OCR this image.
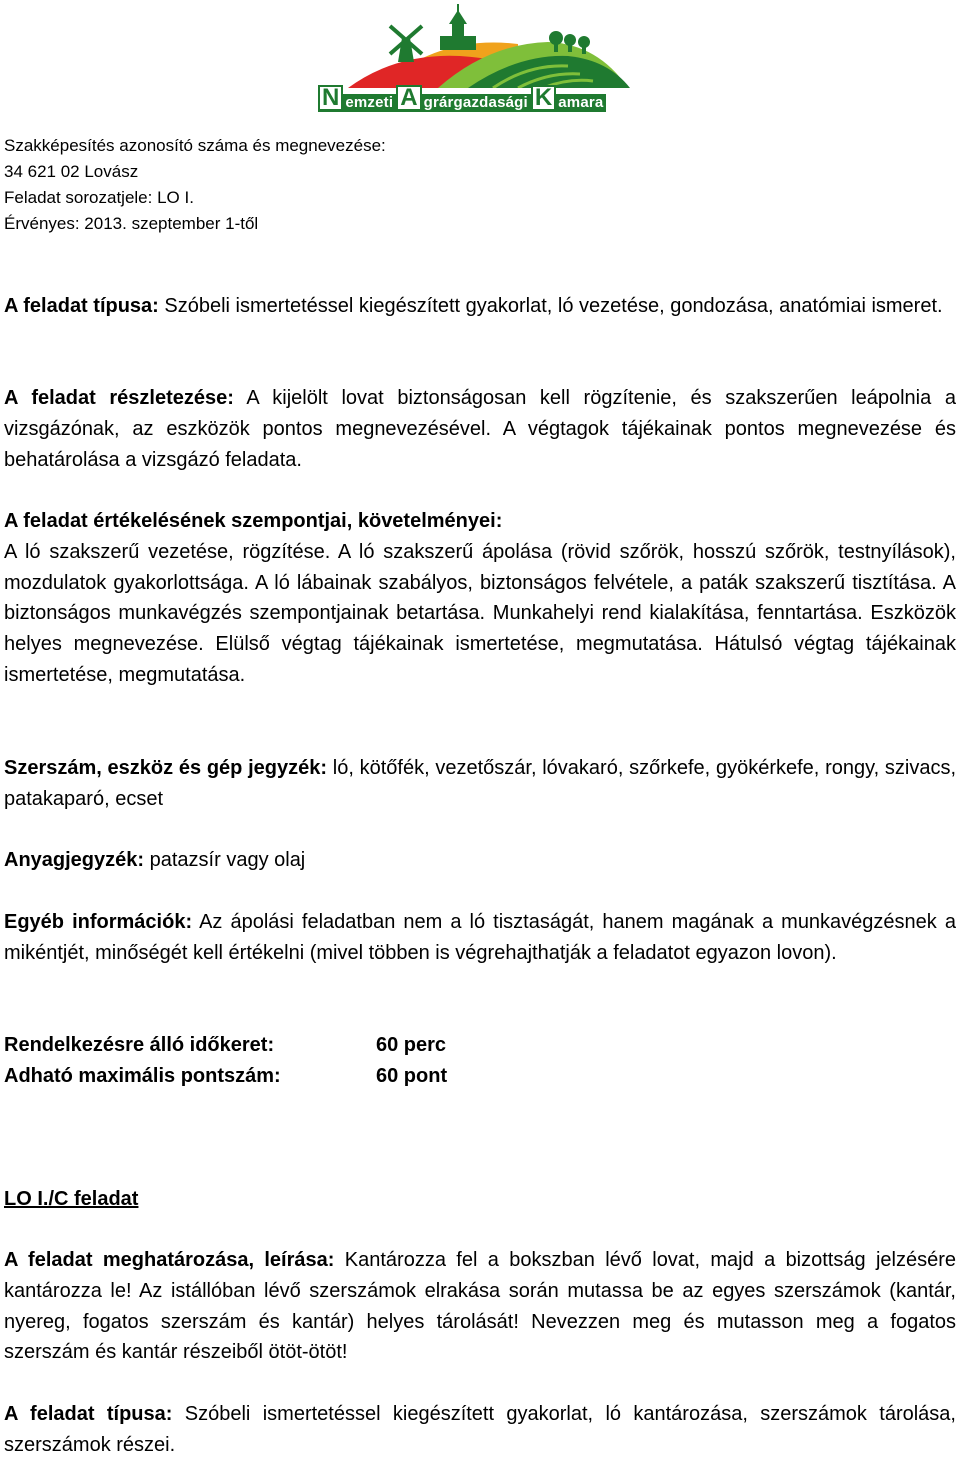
N emzeti A grárgazdasági K amara
Szakképesítés azonosító száma és megnevezése:
34 621 02 Lovász
Feladat sorozatjele: LO I.
Érvényes: 2013. szeptember 1-től
A feladat típusa: Szóbeli ismertetéssel kiegészített gyakorlat, ló vezetése, gondozása, anatómiai ismeret.
A feladat részletezése: A kijelölt lovat biztonságosan kell rögzítenie, és szakszerűen leápolnia a vizsgázónak, az eszközök pontos megnevezésével. A végtagok tájékainak pontos megnevezése és behatárolása a vizsgázó feladata.
A feladat értékelésének szempontjai, követelményei:
A ló szakszerű vezetése, rögzítése. A ló szakszerű ápolása (rövid szőrök, hosszú szőrök, testnyílások), mozdulatok gyakorlottsága. A ló lábainak szabályos, biztonságos felvétele, a paták szakszerű tisztítása. A biztonságos munkavégzés szempontjainak betartása. Munkahelyi rend kialakítása, fenntartása. Eszközök helyes megnevezése. Elülső végtag tájékainak ismertetése, megmutatása. Hátulsó végtag tájékainak ismertetése, megmutatása.
Szerszám, eszköz és gép jegyzék: ló, kötőfék, vezetőszár, lóvakaró, szőrkefe, gyökérkefe, rongy, szivacs, patakaparó, ecset
Anyagjegyzék: patazsír vagy olaj
Egyéb információk: Az ápolási feladatban nem a ló tisztaságát, hanem magának a munkavégzésnek a mikéntjét, minőségét kell értékelni (mivel többen is végrehajthatják a feladatot egyazon lovon).
Rendelkezésre álló időkeret:	60 perc
Adható maximális pontszám:	60 pont
LO I./C feladat
A feladat meghatározása, leírása: Kantározza fel a bokszban lévő lovat, majd a bizottság jelzésére kantározza le! Az istállóban lévő szerszámok elrakása során mutassa be az egyes szerszámok (kantár, nyereg, fogatos szerszám és kantár) helyes tárolását! Nevezzen meg és mutasson meg a fogatos szerszám és kantár részeiből ötöt-ötöt!
A feladat típusa: Szóbeli ismertetéssel kiegészített gyakorlat, ló kantározása, szerszámok tárolása, szerszámok részei.
